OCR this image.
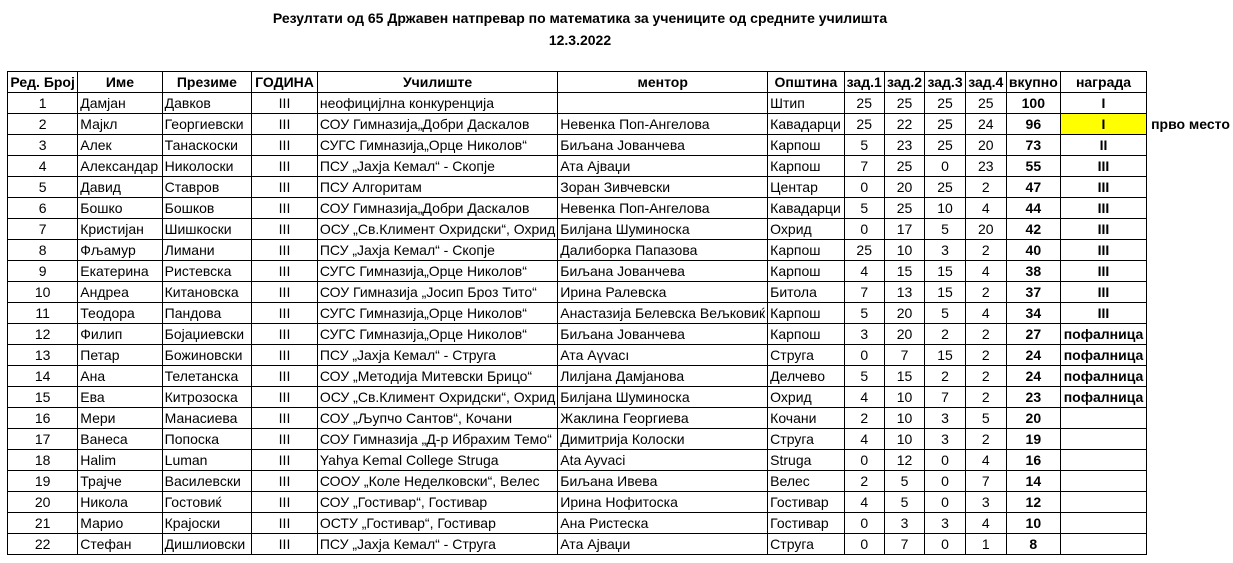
Резултати од 65 Државен натпревар по математика за учениците од средните училишта
12.3.2022
Ред. Број	Име	Презиме	ГОДИНА	Училиште	ментор	Општина	зад.1	зад.2	зад.3	зад.4	вкупно	награда	
1	Дамјан	Давков	III	неофицијлна конкуренција		Штип	25	25	25	25	100	I	
2	Мајкл	Георгиевски	III	СОУ Гимназија„Добри Даскалов	Невенка Поп-Ангелова	Кавадарци	25	22	25	24	96	I	прво место
3	Алек	Танаскоски	III	СУГС Гимназија„Орце Николов“	Биљана Јованчева	Карпош	5	23	25	20	73	II	
4	Александар	Николоски	III	ПСУ „Јахја Кемал“ - Скопје	Ата Ајваџи	Карпош	7	25	0	23	55	III	
5	Давид	Ставров	III	ПСУ Алгоритам	Зоран Зивчевски	Центар	0	20	25	2	47	III	
6	Бошко	Бошков	III	СОУ Гимназија„Добри Даскалов	Невенка Поп-Ангелова	Кавадарци	5	25	10	4	44	III	
7	Кристијан	Шишкоски	III	ОСУ „Св.Климент Охридски“, Охрид	Билјана Шуминоска	Охрид	0	17	5	20	42	III	
8	Фљамур	Лимани	III	ПСУ „Јахја Кемал“ - Скопје	Далиборка Папазова	Карпош	25	10	3	2	40	III	
9	Екатерина	Ристевска	III	СУГС Гимназија„Орце Николов“	Биљана Јованчева	Карпош	4	15	15	4	38	III	
10	Андреа	Китановска	III	СОУ Гимназија „Јосип Броз Тито“	Ирина Ралевска	Битола	7	13	15	2	37	III	
11	Теодора	Пандова	III	СУГС Гимназија„Орце Николов“	Анастазија Белевска Вељковиќ	Карпош	5	20	5	4	34	III	
12	Филип	Бојаџиевски	III	СУГС Гимназија„Орце Николов“	Биљана Јованчева	Карпош	3	20	2	2	27	пофалница	
13	Петар	Божиновски	III	ПСУ „Јахја Кемал“ - Струга	Ата Аүvacı	Струга	0	7	15	2	24	пофалница	
14	Ана	Телетанска	III	СОУ „Методија Митевски Брицо“	Лилјана Дамјанова	Делчево	5	15	2	2	24	пофалница	
15	Ева	Китрозоска	III	ОСУ „Св.Климент Охридски“, Охрид	Билјана Шуминоска	Охрид	4	10	7	2	23	пофалница	
16	Мери	Манасиева	III	СОУ „Љупчо Сантов“, Кочани	Жаклина Георгиева	Кочани	2	10	3	5	20		
17	Ванеса	Попоска	III	СОУ Гимназија „Д-р Ибрахим Темо“	Димитрија Колоски	Струга	4	10	3	2	19		
18	Halim	Luman	III	Yahya Kemal College Struga	Ata Ayvaci	Struga	0	12	0	4	16		
19	Трајче	Василевски	III	СООУ „Коле Неделковски“, Велес	Биљана Ивева	Велес	2	5	0	7	14		
20	Никола	Гостовиќ	III	СОУ „Гостивар“, Гостивар	Ирина Нофитоска	Гостивар	4	5	0	3	12		
21	Марио	Крајоски	III	ОСТУ „Гостивар“, Гостивар	Ана Ристеска	Гостивар	0	3	3	4	10		
22	Стефан	Дишлиовски	III	ПСУ „Јахја Кемал“ - Струга	Ата Ајваџи	Струга	0	7	0	1	8		
